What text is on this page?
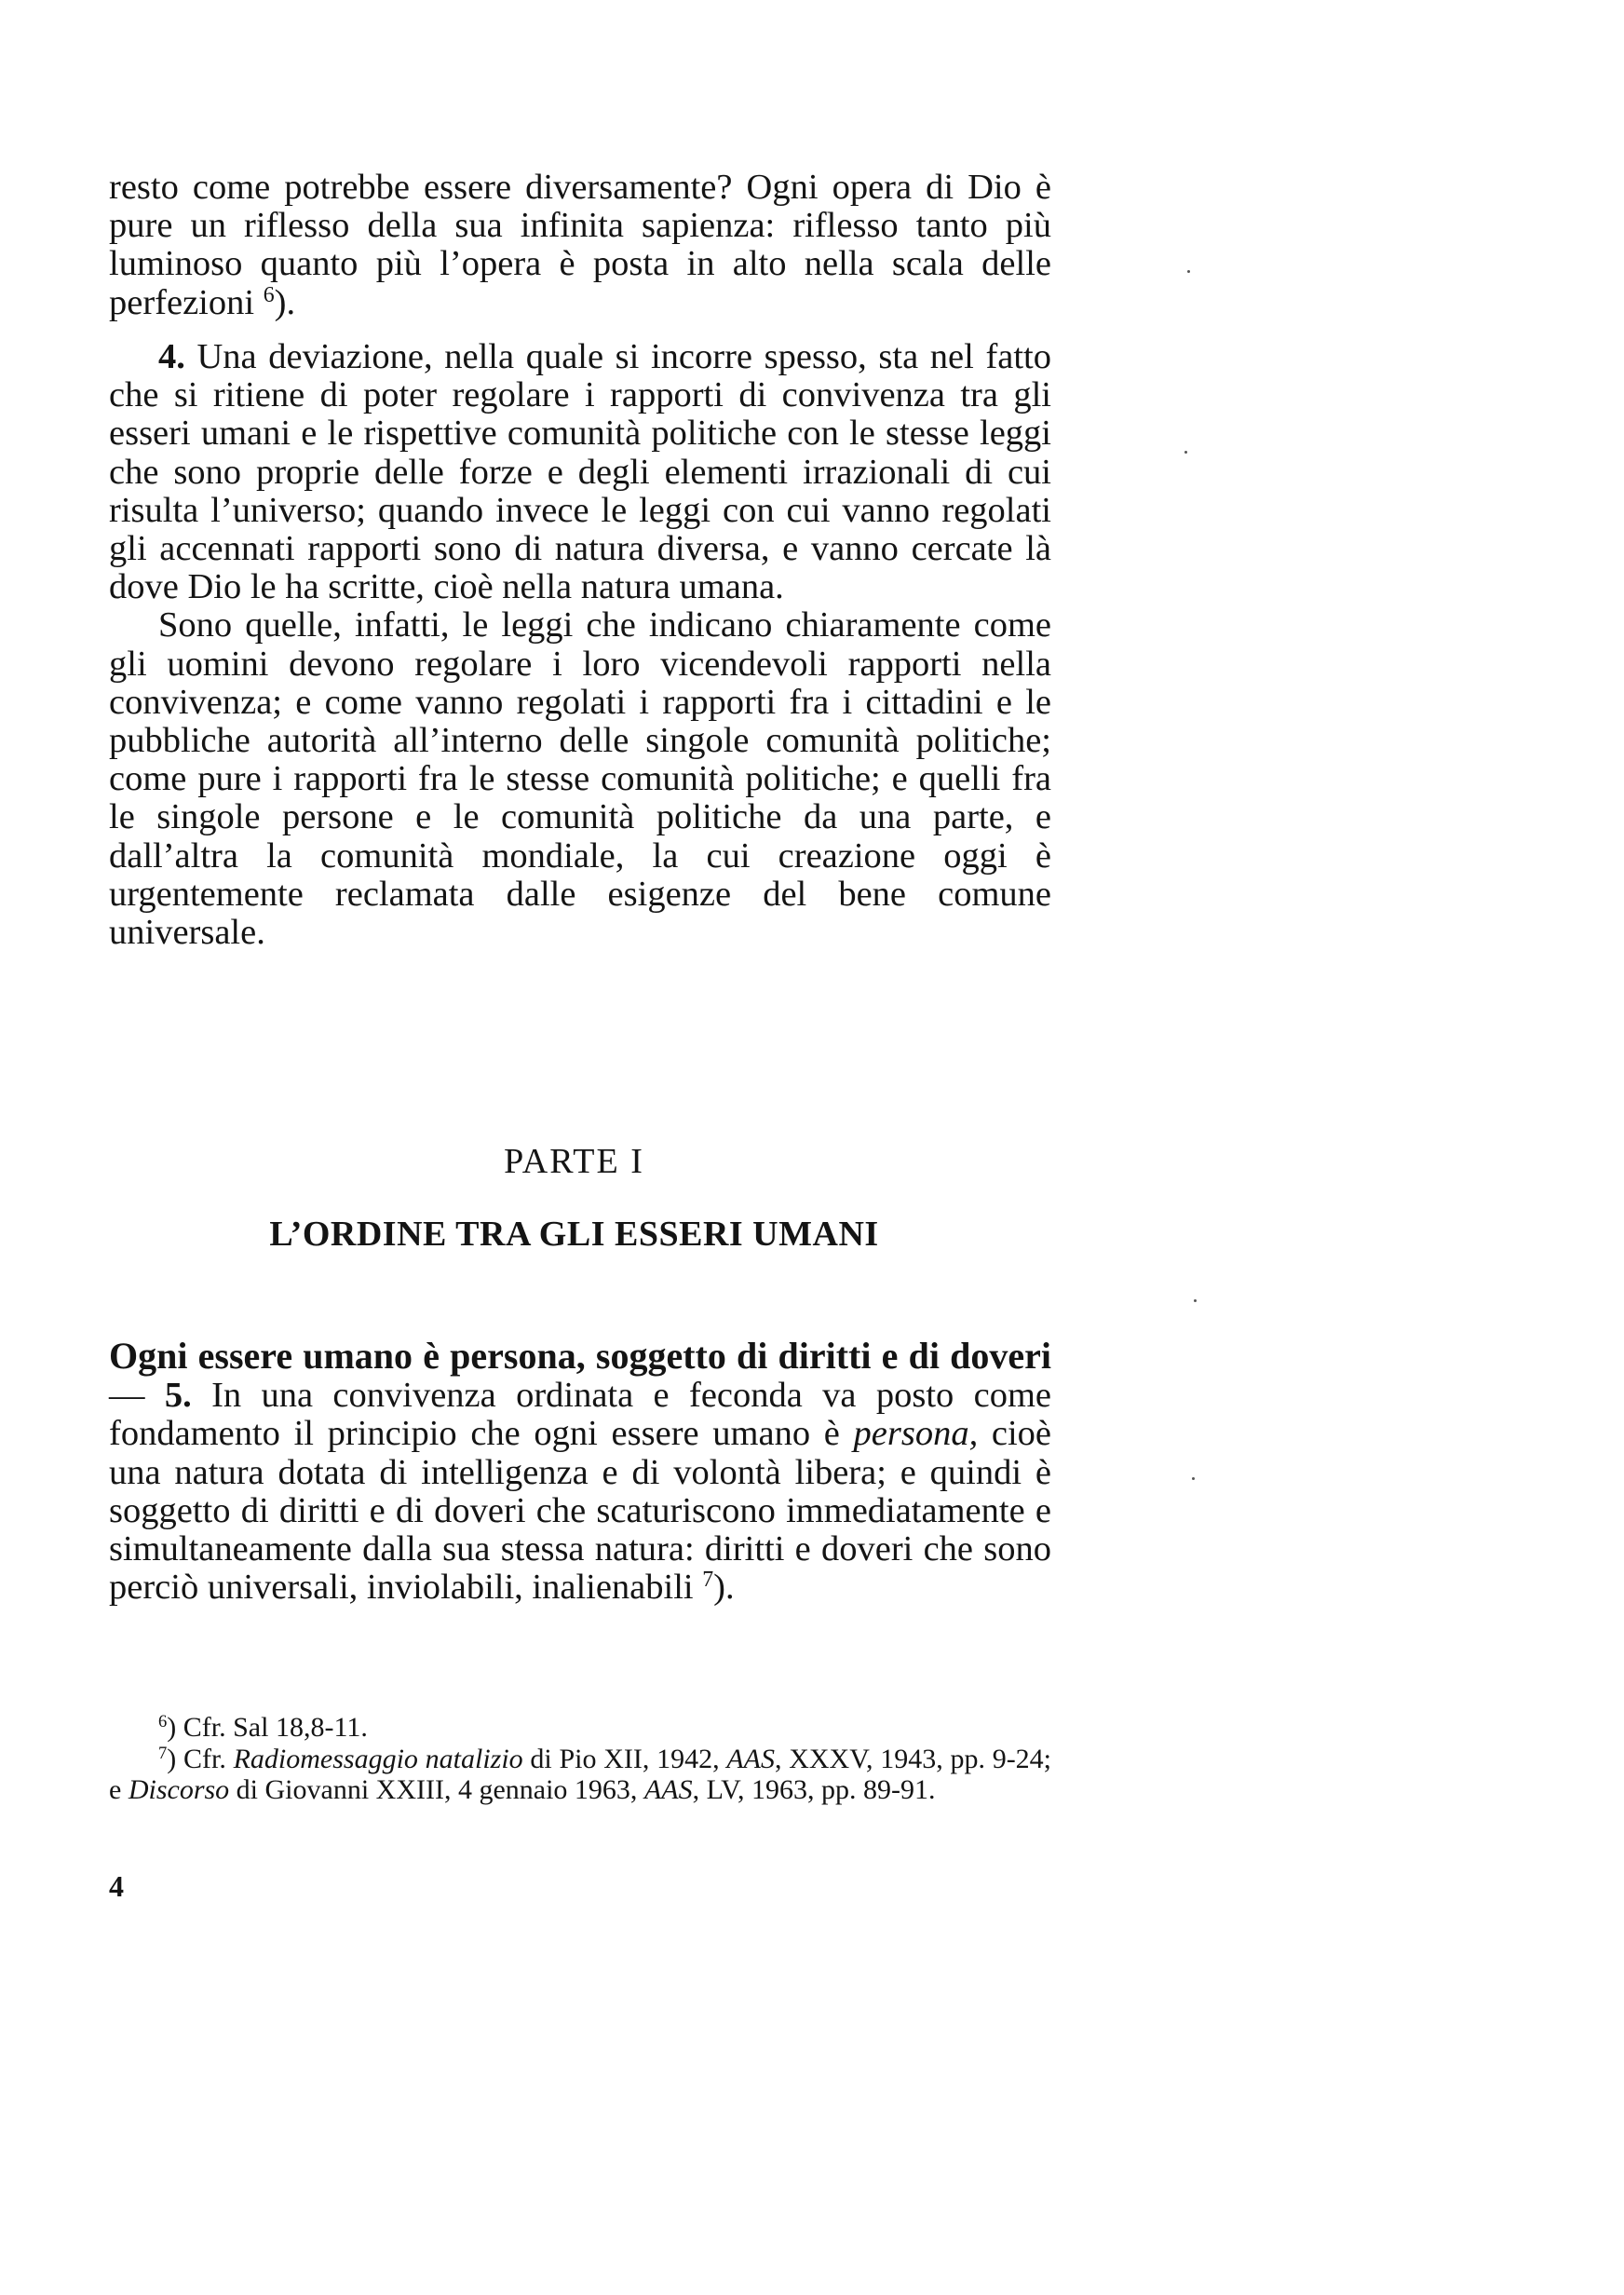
resto come potrebbe essere diversamente? Ogni opera di Dio è pure un riflesso della sua infinita sapienza: riflesso tanto più luminoso quanto più l’opera è posta in alto nella scala delle perfezioni $^6$).

4. Una deviazione, nella quale si incorre spesso, sta nel fatto che si ritiene di poter regolare i rapporti di convivenza tra gli esseri umani e le rispettive comunità politiche con le stesse leggi che sono proprie delle forze e degli elementi irrazionali di cui risulta l’universo; quando invece le leggi con cui vanno regolati gli accennati rapporti sono di natura diversa, e vanno cercate là dove Dio le ha scritte, cioè nella natura umana.

Sono quelle, infatti, le leggi che indicano chiaramente come gli uomini devono regolare i loro vicendevoli rapporti nella convivenza; e come vanno regolati i rapporti fra i cittadini e le pubbliche autorità all’interno delle singole comunità politiche; come pure i rapporti fra le stesse comunità politiche; e quelli fra le singole persone e le comunità politiche da una parte, e dall’altra la comunità mondiale, la cui creazione oggi è urgentemente reclamata dalle esigenze del bene comune universale.

PARTE I
L’ORDINE TRA GLI ESSERI UMANI

Ogni essere umano è persona, soggetto di diritti e di doveri — 5. In una convivenza ordinata e feconda va posto come fondamento il principio che ogni essere umano è persona, cioè una natura dotata di intelligenza e di volontà libera; e quindi è soggetto di diritti e di doveri che scaturiscono immediatamente e simultaneamente dalla sua stessa natura: diritti e doveri che sono perciò universali, inviolabili, inalienabili $^7$).

$^6$) Cfr. Sal 18,8-11.

$^7$) Cfr. Radiomessaggio natalizio di Pio XII, 1942, AAS, XXXV, 1943, pp. 9-24; e Discorso di Giovanni XXIII, 4 gennaio 1963, AAS, LV, 1963, pp. 89-91.

4
